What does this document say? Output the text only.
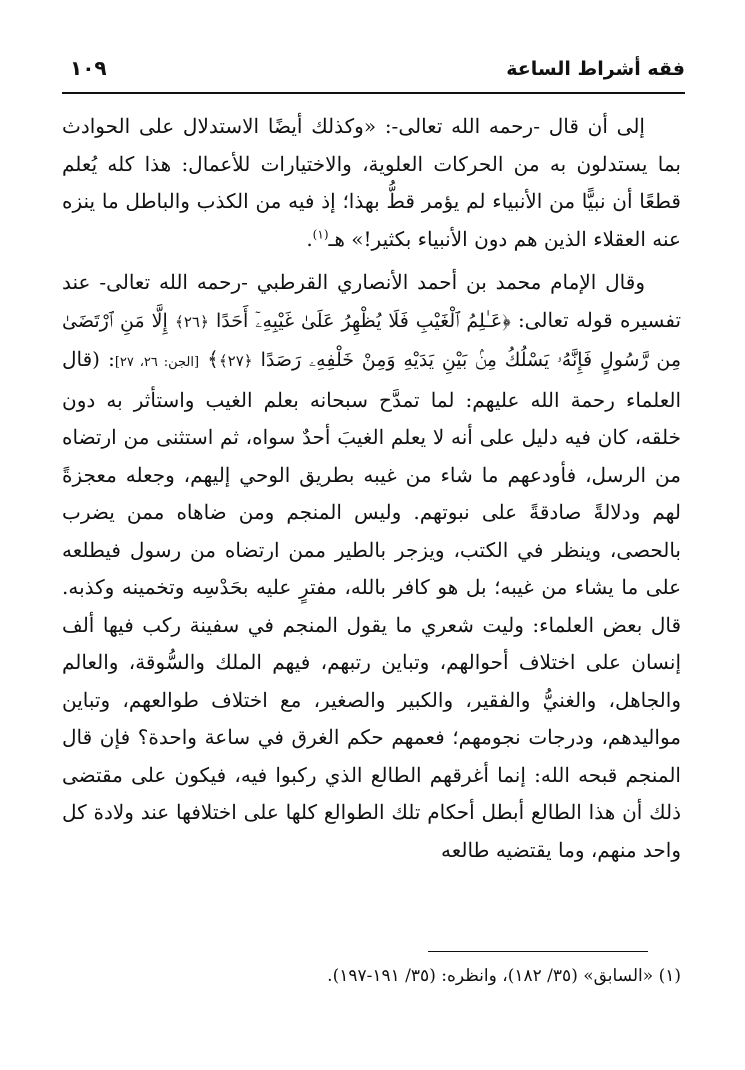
فقه أشراط الساعة
١٠٩

إلى أن قال -رحمه الله تعالى-: «وكذلك أيضًا الاستدلال على الحوادث بما يستدلون به من الحركات العلوية، والاختيارات للأعمال: هذا كله يُعلم قطعًا أن نبيًّا من الأنبياء لم يؤمر قطُّ بهذا؛ إذ فيه من الكذب والباطل ما ينزه عنه العقلاء الذين هم دون الأنبياء بكثير!» هـ$^{(١)}$.

وقال الإمام محمد بن أحمد الأنصاري القرطبي -رحمه الله تعالى- عند تفسيره قوله تعالى: ﴿عَـٰلِمُ ٱلْغَيْبِ فَلَا يُظْهِرُ عَلَىٰ غَيْبِهِۦٓ أَحَدًا ﴿٢٦﴾ إِلَّا مَنِ ٱرْتَضَىٰ مِن رَّسُولٍ فَإِنَّهُۥ يَسْلُكُ مِنۢ بَيْنِ يَدَيْهِ وَمِنْ خَلْفِهِۦ رَصَدًا ﴿٢٧﴾﴾ [الجن: ٢٦، ٢٧]: (قال العلماء رحمة الله عليهم: لما تمدَّح سبحانه بعلم الغيب واستأثر به دون خلقه، كان فيه دليل على أنه لا يعلم الغيبَ أحدٌ سواه، ثم استثنى من ارتضاه من الرسل، فأودعهم ما شاء من غيبه بطريق الوحي إليهم، وجعله معجزةً لهم ودلالةً صادقةً على نبوتهم. وليس المنجم ومن ضاهاه ممن يضرب بالحصى، وينظر في الكتب، ويزجر بالطير ممن ارتضاه من رسول فيطلعه على ما يشاء من غيبه؛ بل هو كافر بالله، مفترٍ عليه بحَدْسِه وتخمينه وكذبه. قال بعض العلماء: وليت شعري ما يقول المنجم في سفينة ركب فيها ألف إنسان على اختلاف أحوالهم، وتباين رتبهم، فيهم الملك والسُّوقة، والعالم والجاهل، والغنيُّ والفقير، والكبير والصغير، مع اختلاف طوالعهم، وتباين مواليدهم، ودرجات نجومهم؛ فعمهم حكم الغرق في ساعة واحدة؟ فإن قال المنجم قبحه الله: إنما أغرقهم الطالع الذي ركبوا فيه، فيكون على مقتضى ذلك أن هذا الطالع أبطل أحكام تلك الطوالع كلها على اختلافها عند ولادة كل واحد منهم، وما يقتضيه طالعه

(١) «السابق» (٣٥/ ١٨٢)، وانظره: (٣٥/ ١٩١-١٩٧).
